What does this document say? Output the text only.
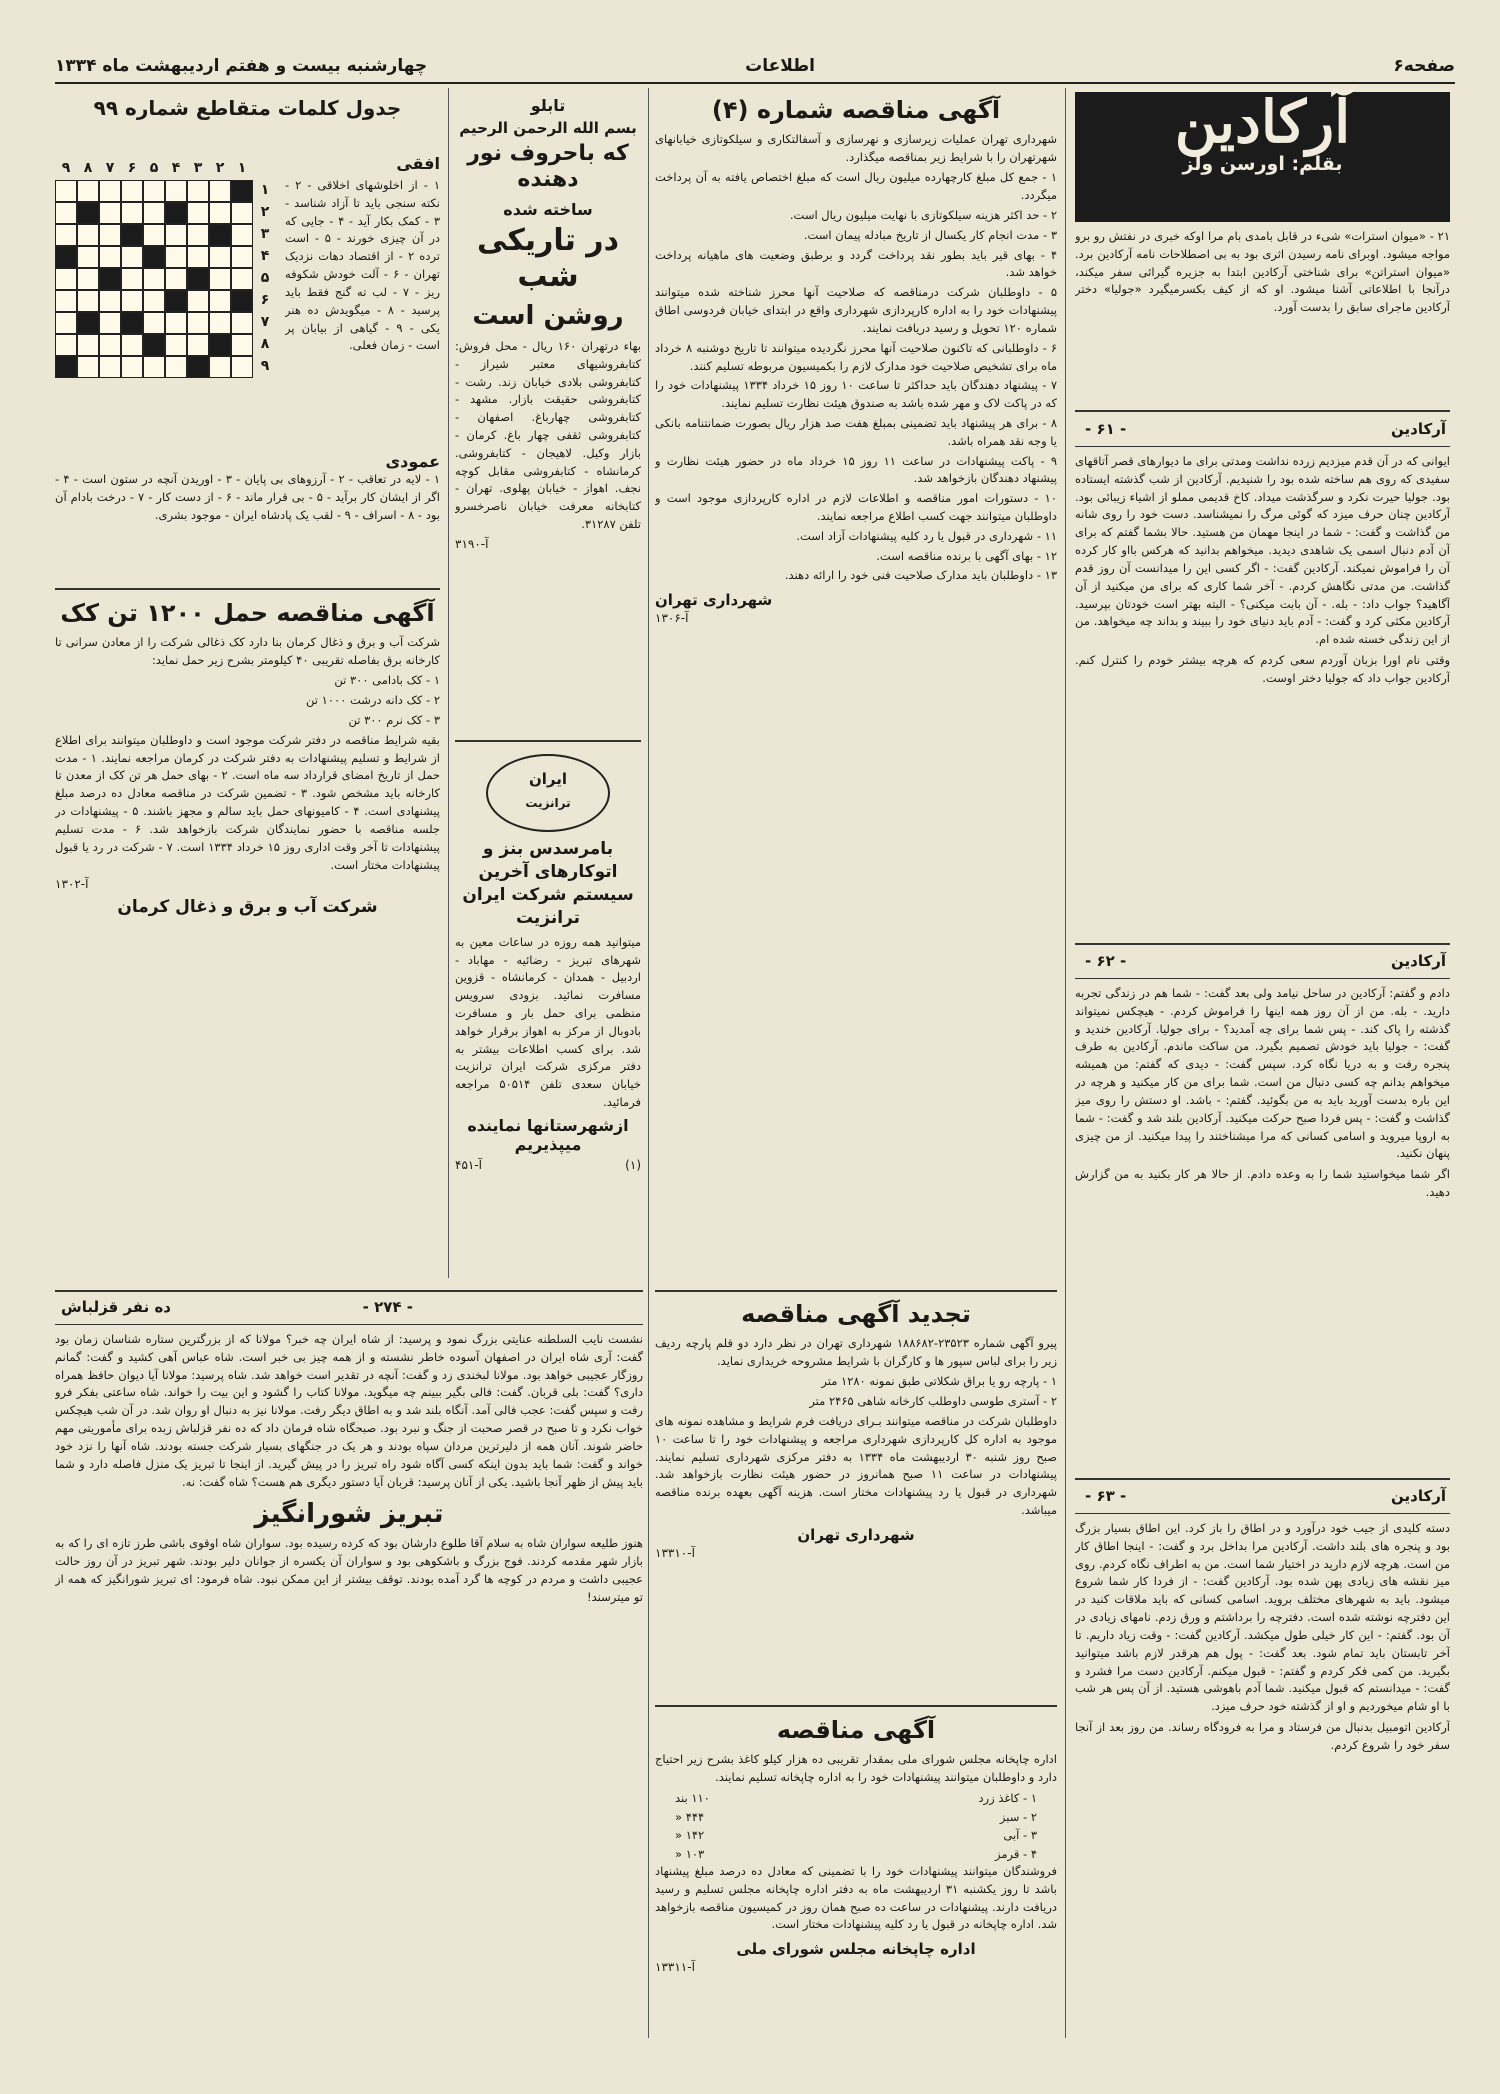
صفحه۶
اطلاعات
چهارشنبه بیست و هفتم اردیبهشت ماه ۱۳۳۴
آرکادین
بقلم: اورسن ولز

۲۱ - «میوان استرات» شیء در قابل بامدی بام مرا اوکه خبری در نفتش رو برو مواجه میشود. اوبرای نامه رسیدن اثری بود به بی اصطلاحات نامه آرکادین برد. «میوان استراتن» برای شناختی آرکادین ابتدا به جزیره گیرائی سفر میکند، درآنجا با اطلاعاتی آشنا میشود. او که از کیف بکسرمیگیرد «جولیا» دختر آرکادین ماجرای سابق را بدست آورد.

آرکادین
- ۶۱ -

ایوانی که در آن قدم میزدیم زرده نداشت ومدتی برای ما دیوارهای قصر آتاقهای سفیدی که روی هم ساخته شده بود را شنیدیم. آرکادین از شب گذشته ایستاده بود. جولیا حیرت نکرد و سرگذشت میداد. کاخ قدیمی مملو از اشیاء زیبائی بود. آرکادین چنان حرف میزد که گوئی مرگ را نمیشناسد. دست خود را روی شانه من گذاشت و گفت: - شما در اینجا مهمان من هستید. حالا بشما گفتم که برای آن آدم دنبال اسمی یک شاهدی دیدید. میخواهم بدانید که هرکس بااو کار کرده آن را فراموش نمیکند. آرکادین گفت: - اگر کسی این را میدانست آن روز قدم گذاشت. من مدتی نگاهش کردم. - آخر شما کاری که برای من میکنید از آن آگاهید؟ جواب داد: - بله. - آن بابت میکنی؟ - البته بهتر است خودتان بپرسید. آرکادین مکثی کرد و گفت: - آدم باید دنیای خود را ببیند و بداند چه میخواهد. من از این زندگی خسته شده ام.

وقتی نام اورا بزبان آوردم سعی کردم که هرچه بیشتر خودم را کنترل کنم. آرکادین جواب داد که جولیا دختر اوست.

آرکادین
- ۶۲ -

دادم و گفتم: آرکادین در ساحل نیامد ولی بعد گفت: - شما هم در زندگی تجربه دارید. - بله. من از آن روز همه اینها را فراموش کردم. - هیچکس نمیتواند گذشته را پاک کند. - پس شما برای چه آمدید؟ - برای جولیا. آرکادین خندید و گفت: - جولیا باید خودش تصمیم بگیرد. من ساکت ماندم. آرکادین به طرف پنجره رفت و به دریا نگاه کرد. سپس گفت: - دیدی که گفتم: من همیشه میخواهم بدانم چه کسی دنبال من است. شما برای من کار میکنید و هرچه در این باره بدست آورید باید به من بگوئید. گفتم: - باشد. او دستش را روی میز گذاشت و گفت: - پس فردا صبح حرکت میکنید. آرکادین بلند شد و گفت: - شما به اروپا میروید و اسامی کسانی که مرا میشناختند را پیدا میکنید. از من چیزی پنهان نکنید.

اگر شما میخواستید شما را به وعده دادم. از حالا هر کار بکنید به من گزارش دهید.

آرکادین
- ۶۳ -

دسته کلیدی از جیب خود درآورد و در اطاق را باز کرد. این اطاق بسیار بزرگ بود و پنجره های بلند داشت. آرکادین مرا بداخل برد و گفت: - اینجا اطاق کار من است. هرچه لازم دارید در اختیار شما است. من به اطراف نگاه کردم. روی میز نقشه های زیادی پهن شده بود. آرکادین گفت: - از فردا کار شما شروع میشود. باید به شهرهای مختلف بروید. اسامی کسانی که باید ملاقات کنید در این دفترچه نوشته شده است. دفترچه را برداشتم و ورق زدم. نامهای زیادی در آن بود. گفتم: - این کار خیلی طول میکشد. آرکادین گفت: - وقت زیاد داریم. تا آخر تابستان باید تمام شود. بعد گفت: - پول هم هرقدر لازم باشد میتوانید بگیرید. من کمی فکر کردم و گفتم: - قبول میکنم. آرکادین دست مرا فشرد و گفت: - میدانستم که قبول میکنید. شما آدم باهوشی هستید. از آن پس هر شب با او شام میخوردیم و او از گذشته خود حرف میزد.

آرکادین اتومبیل بدنبال من فرستاد و مرا به فرودگاه رساند. من روز بعد از آنجا سفر خود را شروع کردم.

آگهی مناقصه شماره (۴)

شهرداری تهران عملیات زیرسازی و نهرسازی و آسفالتکاری و سیلکوتازی خیابانهای شهرتهران را با شرایط زیر بمناقصه میگذارد.

۱ - جمع کل مبلغ کارچهارده میلیون ریال است که مبلغ اختصاص یافته به آن پرداخت میگردد.

۲ - حد اکثر هزینه سیلکوتازی با نهایت میلیون ریال است.

۳ - مدت انجام کار یکسال از تاریخ مبادله پیمان است.

۴ - بهای قیر باید بطور نقد پرداخت گردد و برطبق وضعیت های ماهیانه پرداخت خواهد شد.

۵ - داوطلبان شرکت درمناقصه که صلاحیت آنها محرز شناخته شده میتوانند پیشنهادات خود را به اداره کارپردازی شهرداری واقع در ابتدای خیابان فردوسی اطاق شماره ۱۲۰ تحویل و رسید دریافت نمایند.

۶ - داوطلبانی که تاکنون صلاحیت آنها محرز نگردیده میتوانند تا تاریخ دوشنبه ۸ خرداد ماه برای تشخیص صلاحیت خود مدارک لازم را بکمیسیون مربوطه تسلیم کنند.

۷ - پیشنهاد دهندگان باید حداکثر تا ساعت ۱۰ روز ۱۵ خرداد ۱۳۳۴ پیشنهادات خود را که در پاکت لاک و مهر شده باشد به صندوق هیئت نظارت تسلیم نمایند.

۸ - برای هر پیشنهاد باید تضمینی بمبلغ هفت صد هزار ریال بصورت ضمانتنامه بانکی یا وجه نقد همراه باشد.

۹ - پاکت پیشنهادات در ساعت ۱۱ روز ۱۵ خرداد ماه در حضور هیئت نظارت و پیشنهاد دهندگان بازخواهد شد.

۱۰ - دستورات امور مناقصه و اطلاعات لازم در اداره کارپردازی موجود است و داوطلبان میتوانند جهت کسب اطلاع مراجعه نمایند.

۱۱ - شهرداری در قبول یا رد کلیه پیشنهادات آزاد است.

۱۲ - بهای آگهی با برنده مناقصه است.

۱۳ - داوطلبان باید مدارک صلاحیت فنی خود را ارائه دهند.

شهرداری تهران
آ-۱۳۰۶
تجدید آگهی مناقصه

پیرو آگهی شماره ۲۳۵۲۳-۱۸۸۶۸۲ شهرداری تهران در نظر دارد دو قلم پارچه ردیف زیر را برای لباس سپور ها و کارگران با شرایط مشروحه خریداری نماید.

۱ - پارچه رو یا براق شکلاتی طبق نمونه ۱۲۸۰ متر

۲ - آستری طوسی داوطلب کارخانه شاهی ۲۴۶۵ متر

داوطلبان شرکت در مناقصه میتوانند بـرای دریافت فرم شرایط و مشاهده نمونه های موجود به اداره کل کارپردازی شهرداری مراجعه و پیشنهادات خود را تا ساعت ۱۰ صبح روز شنبه ۳۰ اردیبهشت ماه ۱۳۳۴ به دفتر مرکزی شهرداری تسلیم نمایند. پیشنهادات در ساعت ۱۱ صبح همانروز در حضور هیئت نظارت بازخواهد شد. شهرداری در قبول یا رد پیشنهادات مختار است. هزینه آگهی بعهده برنده مناقصه میباشد.

شهرداری تهران
آ-۱۳۳۱۰
آگهی مناقصه

اداره چاپخانه مجلس شورای ملی بمقدار تقریبی ده هزار کیلو کاغذ بشرح زیر احتیاج دارد و داوطلبان میتوانند پیشنهادات خود را به اداره چاپخانه تسلیم نمایند.

۱ - کاغذ زرد
۱۱۰ بند
۲ - سبز
۴۴۴ «
۳ - آبی
۱۴۲ «
۴ - قرمز
۱۰۳ «

فروشندگان میتوانند پیشنهادات خود را با تضمینی که معادل ده درصد مبلغ پیشنهاد باشد تا روز یکشنبه ۳۱ اردیبهشت ماه به دفتر اداره چاپخانه مجلس تسلیم و رسید دریافت دارند. پیشنهادات در ساعت ده صبح همان روز در کمیسیون مناقصه بازخواهد شد. اداره چاپخانه در قبول یا رد کلیه پیشنهادات مختار است.

اداره چاپخانه مجلس شورای ملی
آ-۱۳۳۱۱
تابلو
بسم الله الرحمن الرحیم
که باحروف نور دهنده
ساخته شده
در تاریکی شب
روشن است

بهاء درتهران ۱۶۰ ریال - محل فروش: کتابفروشیهای معتبر شیراز - کتابفروشی بلادی خیابان زند. رشت - کتابفروشی حقیقت بازار. مشهد - کتابفروشی چهارباغ. اصفهان - کتابفروشی ثقفی چهار باغ. کرمان - بازار وکیل. لاهیجان - کتابفروشی. کرمانشاه - کتابفروشی مقابل کوچه نجف. اهواز - خیابان پهلوی. تهران - کتابخانه معرفت خیابان ناصرخسرو تلفن ۳۱۲۸۷.

آ-۳۱۹۰
ایران
ترانزیت
بامرسدس بنز و اتوکارهای آخرین سیستم شرکت ایران ترانزیت

میتوانید همه روزه در ساعات معین به شهرهای تبریز - رضائیه - مهاباد - اردبیل - همدان - کرمانشاه - قزوین مسافرت نمائید. بزودی سرویس منظمی برای حمل بار و مسافرت بادوبال از مرکز به اهواز برقرار خواهد شد. برای کسب اطلاعات بیشتر به دفتر مرکزی شرکت ایران ترانزیت خیابان سعدی تلفن ۵۰۵۱۴ مراجعه فرمائید.

ازشهرستانها نماینده میپذیریم
(۱)
آ-۴۵۱
جدول کلمات متقاطع شماره ۹۹
۹ ۸ ۷ ۶ ۵ ۴ ۳ ۲ ۱
۱
۲
۳
۴
۵
۶
۷
۸
۹
افقی

۱ - از اخلوشهای اخلاقی - ۲ - نکته سنجی باید تا آزاد شناسد - ۳ - کمک بکار آید - ۴ - جایی که در آن چیزی خورند - ۵ - است ترده ۲ - از اقتصاد دهات نزدیک تهران - ۶ - آلت خودش شکوفه ریز - ۷ - لب ته گنج فقط باید پرسید - ۸ - میگویدش ده هنر یکی - ۹ - گیاهی از بیابان پر است - زمان فعلی.

عمودی

۱ - لایه در تعاقب - ۲ - آرزوهای بی پایان - ۳ - اوریدن آنچه در ستون است - ۴ - اگر از ایشان کار برآید - ۵ - بی قرار ماند - ۶ - از دست کار - ۷ - درخت بادام آن بود - ۸ - اسراف - ۹ - لقب یک پادشاه ایران - موجود بشری.

آگهی مناقصه حمل ۱۲۰۰ تن کک

شرکت آب و برق و ذغال کرمان بنا دارد کک ذغالی شرکت را از معادن سرانی تا کارخانه برق بفاصله تقریبی ۴۰ کیلومتر بشرح زیر حمل نماید:

۱ - کک بادامی ۳۰۰ تن

۲ - کک دانه درشت ۱۰۰۰ تن

۳ - کک نرم ۳۰۰ تن

بقیه شرایط مناقصه در دفتر شرکت موجود است و داوطلبان میتوانند برای اطلاع از شرایط و تسلیم پیشنهادات به دفتر شرکت در کرمان مراجعه نمایند. ۱ - مدت حمل از تاریخ امضای قرارداد سه ماه است. ۲ - بهای حمل هر تن کک از معدن تا کارخانه باید مشخص شود. ۳ - تضمین شرکت در مناقصه معادل ده درصد مبلغ پیشنهادی است. ۴ - کامیونهای حمل باید سالم و مجهز باشند. ۵ - پیشنهادات در جلسه مناقصه با حضور نمایندگان شرکت بازخواهد شد. ۶ - مدت تسلیم پیشنهادات تا آخر وقت اداری روز ۱۵ خرداد ۱۳۳۴ است. ۷ - شرکت در رد یا قبول پیشنهادات مختار است.

آ-۱۳۰۲
شرکت آب و برق و ذغال کرمان
- ۲۷۴ -
ده نفر قزلباش

نشست نایب السلطنه عنایتی بزرگ نمود و پرسید: از شاه ایران چه خبر؟ مولانا که از بزرگترین ستاره شناسان زمان بود گفت: آری شاه ایران در اصفهان آسوده خاطر نشسته و از همه چیز بی خبر است. شاه عباس آهی کشید و گفت: گمانم روزگار عجیبی خواهد بود. مولانا لبخندی زد و گفت: آنچه در تقدیر است خواهد شد. شاه پرسید: مولانا آیا دیوان حافظ همراه داری؟ گفت: بلی قربان. گفت: فالی بگیر ببینم چه میگوید. مولانا کتاب را گشود و این بیت را خواند. شاه ساعتی بفکر فرو رفت و سپس گفت: عجب فالی آمد. آنگاه بلند شد و به اطاق دیگر رفت. مولانا نیز به دنبال او روان شد. در آن شب هیچکس خواب نکرد و تا صبح در قصر صحبت از جنگ و نبرد بود. صبحگاه شاه فرمان داد که ده نفر قزلباش زبده برای مأموریتی مهم حاضر شوند. آنان همه از دلیرترین مردان سپاه بودند و هر یک در جنگهای بسیار شرکت جسته بودند. شاه آنها را نزد خود خواند و گفت: شما باید بدون اینکه کسی آگاه شود راه تبریز را در پیش گیرید. از اینجا تا تبریز یک منزل فاصله دارد و شما باید پیش از ظهر آنجا باشید. یکی از آنان پرسید: قربان آیا دستور دیگری هم هست؟ شاه گفت: نه.

تبریز شورانگیز

هنوز طلیعه سواران شاه به سلام آقا طلوع دارشان بود که کرده رسیده بود. سواران شاه اوقوی باشی طرز تازه ای را که به بازار شهر مقدمه کردند. فوج بزرگ و باشکوهی بود و سواران آن یکسره از جوانان دلیر بودند. شهر تبریز در آن روز حالت عجیبی داشت و مردم در کوچه ها گرد آمده بودند. توقف بیشتر از این ممکن نبود. شاه فرمود: ای تبریز شورانگیز که همه از تو میترسند!
